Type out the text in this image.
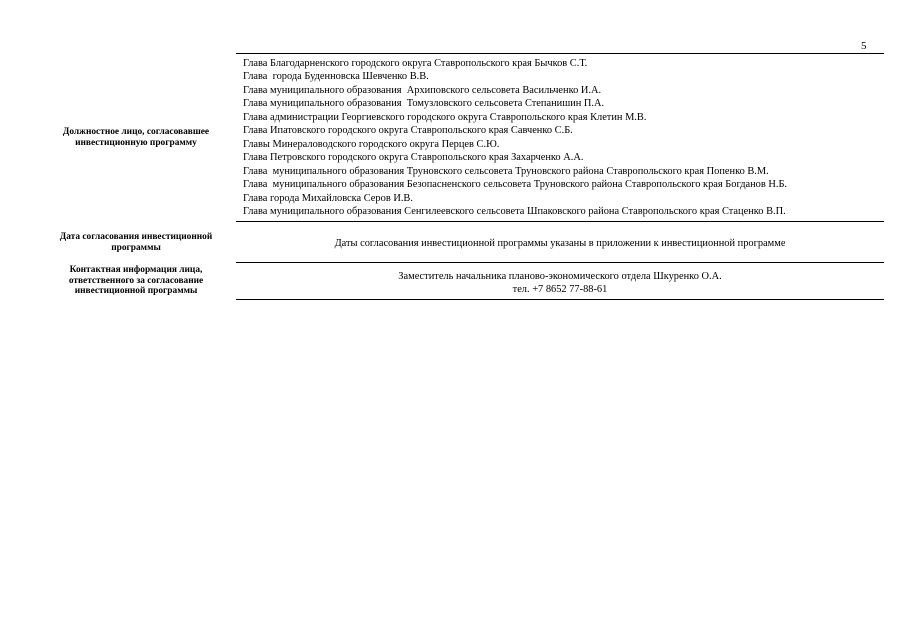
5
Должностное лицо, согласовавшее инвестиционную программу
Глава Благодарненского городского округа Ставропольского края Бычков С.Т.
Глава  города Буденновска Шевченко В.В.
Глава муниципального образования  Архиповского сельсовета Васильченко И.А.
Глава муниципального образования  Томузловского сельсовета Степанишин П.А.
Глава администрации Георгиевского городского округа Ставропольского края Клетин М.В.
Глава Ипатовского городского округа Ставропольского края Савченко С.Б.
Главы Минераловодского городского округа Перцев С.Ю.
Глава Петровского городского округа Ставропольского края Захарченко А.А.
Глава  муниципального образования Труновского сельсовета Труновского района Ставропольского края Попенко В.М.
Глава  муниципального образования Безопасненского сельсовета Труновского района Ставропольского края Богданов Н.Б.
Глава города Михайловска Серов И.В.
Глава муниципального образования Сенгилеевского сельсовета Шпаковского района Ставропольского края Стаценко В.П.
Дата согласования инвестиционной программы	Даты согласования инвестиционной программы указаны в приложении к инвестиционной программе
Контактная информация лица, ответственного за согласование инвестиционной программы
Заместитель начальника планово-экономического отдела Шкуренко О.А.
тел. +7 8652 77-88-61
